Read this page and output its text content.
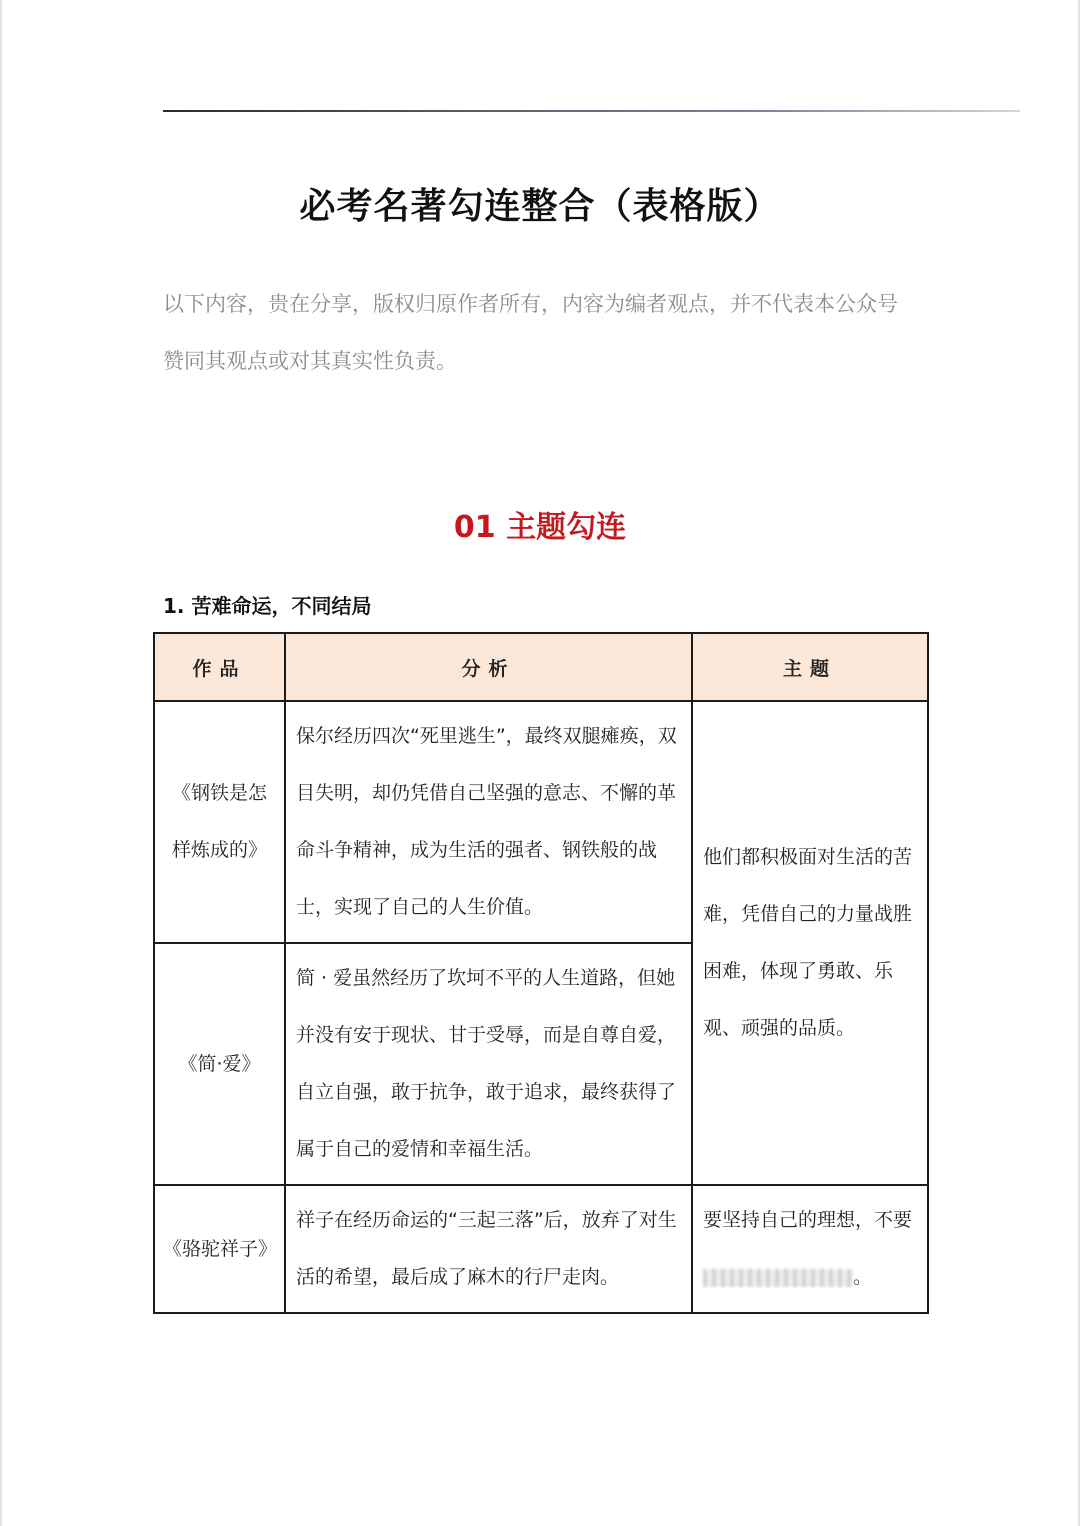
必考名著勾连整合（表格版）
以下内容，贵在分享，版权归原作者所有，内容为编者观点，并不代表本公众号
赞同其观点或对其真实性负责。
01 主题勾连
1. 苦难命运，不同结局
作品	分析	主题

《钢铁是怎
样炼成的》	保尔经历四次“死里逃生”，最终双腿瘫痪，双目失明，却仍凭借自己坚强的意志、不懈的革命斗争精神，成为生活的强者、钢铁般的战士，实现了自己的人生价值。	他们都积极面对生活的苦难，凭借自己的力量战胜困难，体现了勇敢、乐观、顽强的品质。
《简·爱》	简 · 爱虽然经历了坎坷不平的人生道路，但她并没有安于现状、甘于受辱，而是自尊自爱，自立自强，敢于抗争，敢于追求，最终获得了属于自己的爱情和幸福生活。	
《骆驼祥子》	祥子在经历命运的“三起三落”后，放弃了对生活的希望，最后成了麻木的行尸走肉。	要坚持自己的理想，不要
。
